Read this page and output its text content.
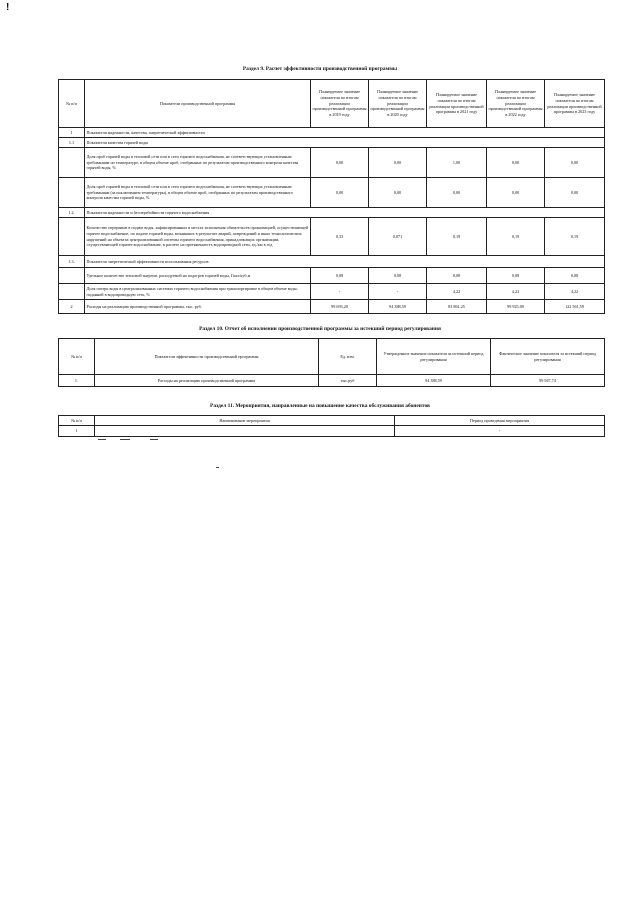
!
Раздел 9. Расчет эффективности производственной программы
№ п/п	Показатели производственной программы	Планируемое значение показателя по итогам реализации производственной программы в 2019 году	Планируемое значение показателя по итогам реализации производственной программы в 2020 году	Планируемое значение показателя по итогам реализации производственной программы в 2021 году	Планируемое значение показателя по итогам реализации производственной программы в 2022 году	Планируемое значение показателя по итогам реализации производственной программы в 2023 году
1	Показатели надежности, качества, энергетической эффективности					
1.1	Показатели качества горячей воды					
	Доля проб горячей воды в тепловой сети или в сети горячего водоснабжения, не соответствующих установленным требованиям по температуре, в общем объеме проб, отобранных по результатам производственного контроля качества горячей воды, %	0,00	0,00	1,00	0,00	0,00
	Доля проб горячей воды в тепловой сети или в сети горячего водоснабжения, не соответствующих установленным требованиям (за исключением температуры), в общем объеме проб, отобранных по результатам производственного контроля качества горячей воды, %	0,00	0,00	0,00	0,00	0,00
1.2.	Показатели надежности и бесперебойности горячего водоснабжения					
	Количество перерывов в подаче воды, зафиксированных в местах исполнения обязательств организацией, осуществляющей горячее водоснабжение, по подаче горячей воды, возникших в результате аварий, повреждений и иных технологических нарушений на объектах централизованной системы горячего водоснабжения, принадлежащих организации, осуществляющей горячее водоснабжение, в расчете на протяженность водопроводной сети, ед./км в год	0,33	0,071	0,19	0,19	0,19
1.3.	Показатели энергетической эффективности использования ресурсов					
	Удельное количество тепловой энергии, расходуемой на подогрев горячей воды, Гкал/куб.м	0,08	0,08	0,08	0,08	0,08
	Доля потерь воды в централизованных системах горячего водоснабжения при транспортировке в общем объеме воды, поданной в водопроводную сеть, %	-	-	4,22	4,22	4,22
2	Расходы на реализацию производственной программы, тыс. руб.	99 693,20	94 388,59	83 861,25	99 925,09	122 561,59
Раздел 10. Отчет об исполнении производственной программы за истекший период регулирования
№ п/п	Показатели эффективности производственной программы	Ед. изм.	Утвержденное значение показателя за истекший период регулирования	Фактическое значение показателя за истекший период регулирования
1.	Расходы на реализацию производственной программы	тыс.руб	94 388,59	99 947,74
Раздел 11. Мероприятия, направленные на повышение качества обслуживания абонентов
№ п/п	Наименование мероприятия	Период проведения мероприятия
1		-
